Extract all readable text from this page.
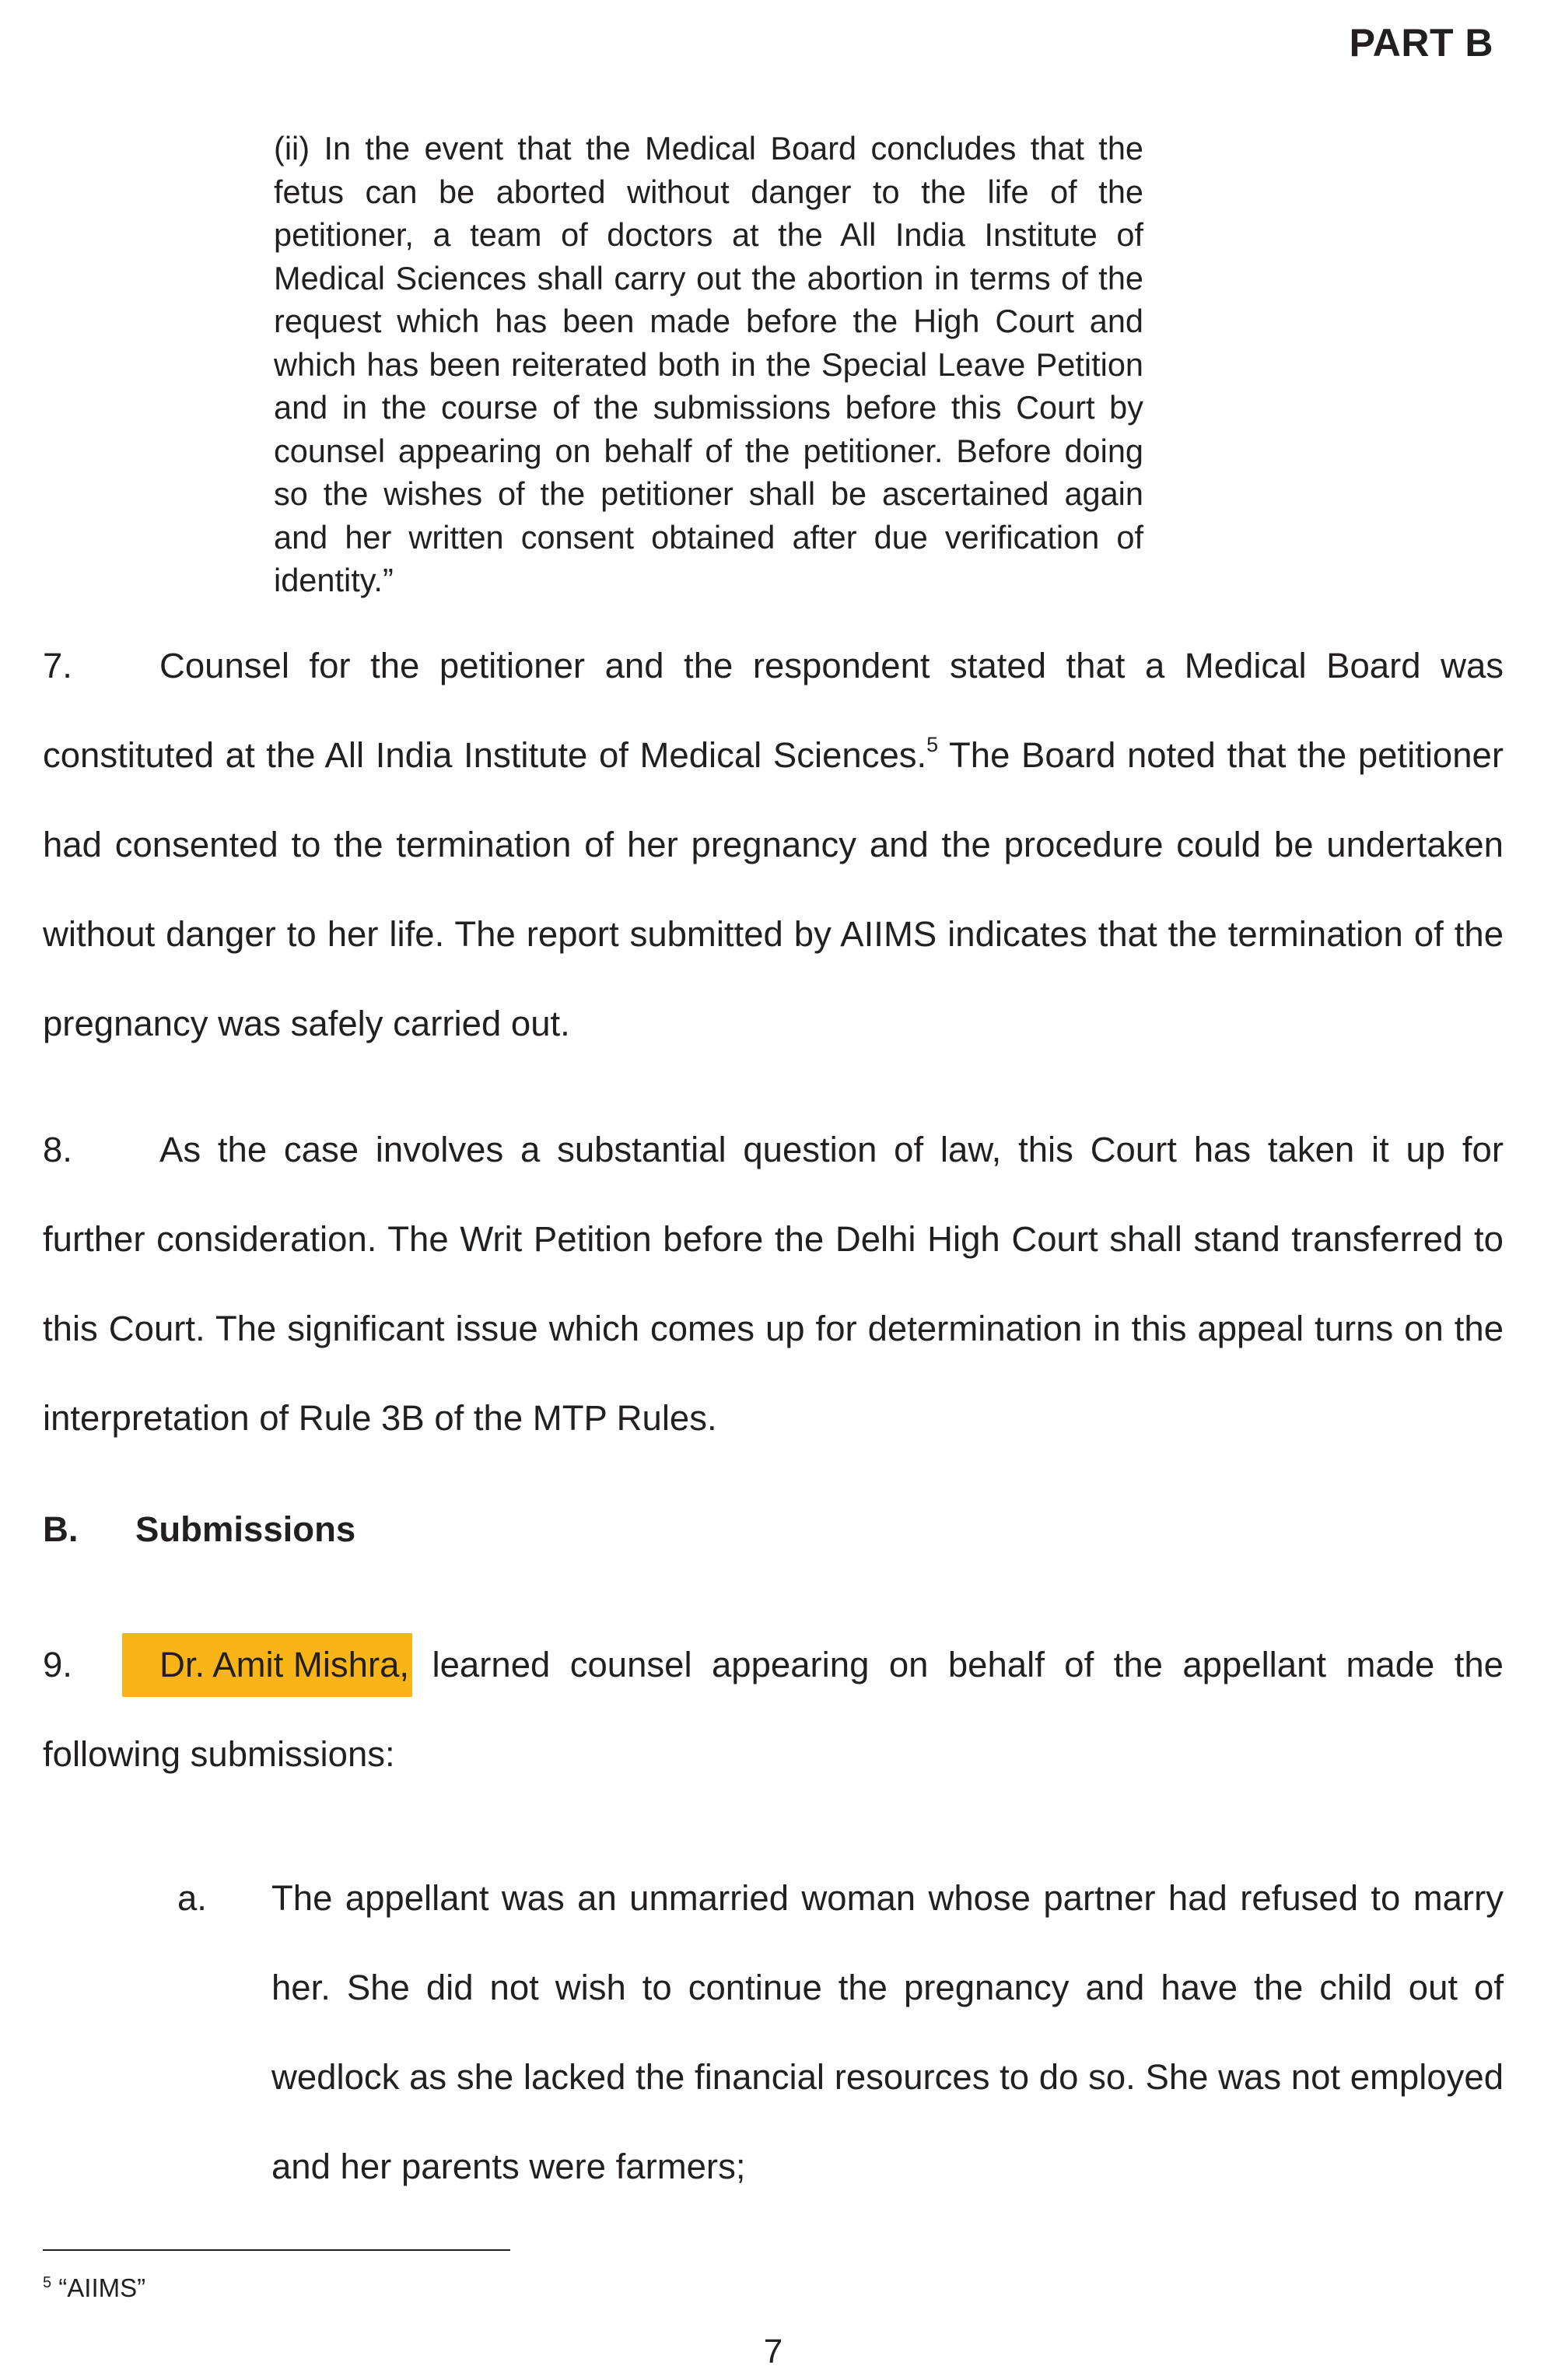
PART B

(ii) In the event that the Medical Board concludes that the fetus can be aborted without danger to the life of the petitioner, a team of doctors at the All India Institute of Medical Sciences shall carry out the abortion in terms of the request which has been made before the High Court and which has been reiterated both in the Special Leave Petition and in the course of the submissions before this Court by counsel appearing on behalf of the petitioner. Before doing so the wishes of the petitioner shall be ascertained again and her written consent obtained after due verification of identity.”

7. Counsel for the petitioner and the respondent stated that a Medical Board was constituted at the All India Institute of Medical Sciences.$^5$ The Board noted that the petitioner had consented to the termination of her pregnancy and the procedure could be undertaken without danger to her life. The report submitted by AIIMS indicates that the termination of the pregnancy was safely carried out.

8. As the case involves a substantial question of law, this Court has taken it up for further consideration. The Writ Petition before the Delhi High Court shall stand transferred to this Court. The significant issue which comes up for determination in this appeal turns on the interpretation of Rule 3B of the MTP Rules.

B. Submissions

9. Dr. Amit Mishra, learned counsel appearing on behalf of the appellant made the following submissions:

a. The appellant was an unmarried woman whose partner had refused to marry her. She did not wish to continue the pregnancy and have the child out of wedlock as she lacked the financial resources to do so. She was not employed and her parents were farmers;

$^5$ “AIIMS”

7
